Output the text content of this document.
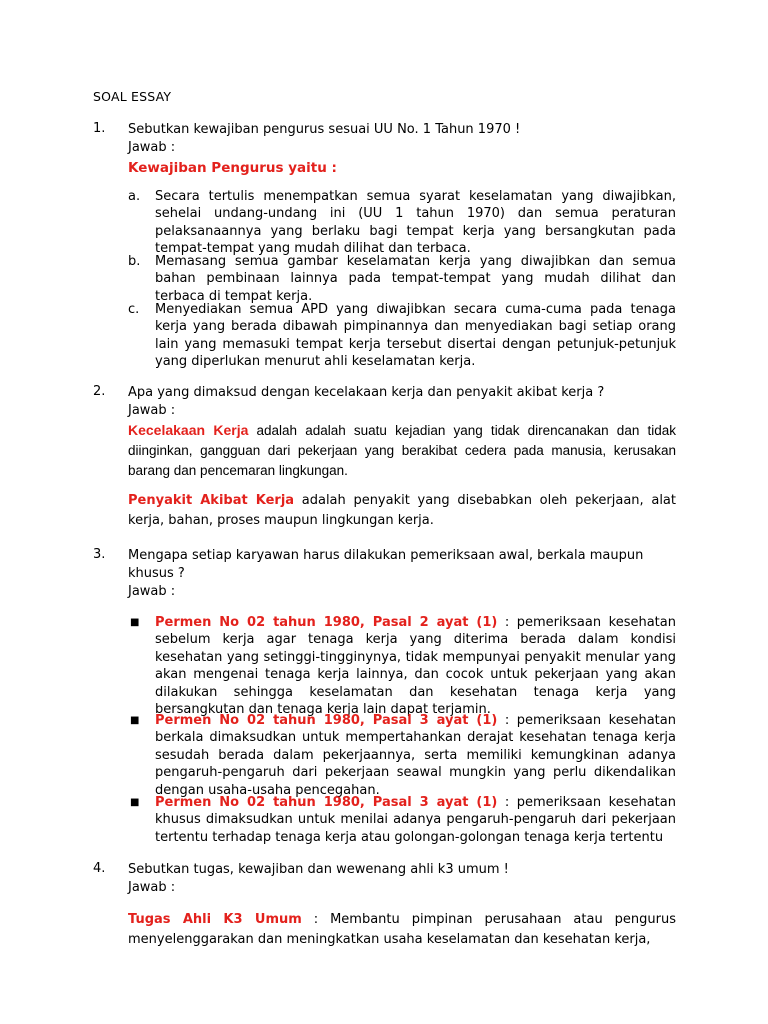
SOAL ESSAY
1.	Sebutkan kewajiban pengurus sesuai UU No. 1 Tahun 1970 !
Jawab :
Kewajiban Pengurus yaitu :
a.	Secara tertulis menempatkan semua syarat keselamatan yang diwajibkan, sehelai undang-undang ini (UU 1 tahun 1970) dan semua peraturan pelaksanaannya yang berlaku bagi tempat kerja yang bersangkutan pada tempat-tempat yang mudah dilihat dan terbaca.
b.	Memasang semua gambar keselamatan kerja yang diwajibkan dan semua bahan pembinaan lainnya pada tempat-tempat yang mudah dilihat dan terbaca di tempat kerja.
c.	Menyediakan semua APD yang diwajibkan secara cuma-cuma pada tenaga kerja yang berada dibawah pimpinannya dan menyediakan bagi setiap orang lain yang memasuki tempat kerja tersebut disertai dengan petunjuk-petunjuk yang diperlukan menurut ahli keselamatan kerja.
2.	Apa yang dimaksud dengan kecelakaan kerja dan penyakit akibat kerja ?
Jawab :
Kecelakaan Kerja adalah adalah suatu kejadian yang tidak direncanakan dan tidak diinginkan, gangguan dari pekerjaan yang berakibat cedera pada manusia, kerusakan barang dan pencemaran lingkungan.
Penyakit Akibat Kerja adalah penyakit yang disebabkan oleh pekerjaan, alat kerja, bahan, proses maupun lingkungan kerja.
3.	Mengapa setiap karyawan harus dilakukan pemeriksaan awal, berkala maupun khusus ?
Jawab :
■	Permen No 02 tahun 1980, Pasal 2 ayat (1) : pemeriksaan kesehatan sebelum kerja agar tenaga kerja yang diterima berada dalam kondisi kesehatan yang setinggi-tingginynya, tidak mempunyai penyakit menular yang akan mengenai tenaga kerja lainnya, dan cocok untuk pekerjaan yang akan dilakukan sehingga keselamatan dan kesehatan tenaga kerja yang bersangkutan dan tenaga kerja lain dapat terjamin.
■	Permen No 02 tahun 1980, Pasal 3 ayat (1) : pemeriksaan kesehatan berkala dimaksudkan untuk mempertahankan derajat kesehatan tenaga kerja sesudah berada dalam pekerjaannya, serta memiliki kemungkinan adanya pengaruh-pengaruh dari pekerjaan seawal mungkin yang perlu dikendalikan dengan usaha-usaha pencegahan.
■	Permen No 02 tahun 1980, Pasal 3 ayat (1) : pemeriksaan kesehatan khusus dimaksudkan untuk menilai adanya pengaruh-pengaruh dari pekerjaan tertentu terhadap tenaga kerja atau golongan-golongan tenaga kerja tertentu
4.	Sebutkan tugas, kewajiban dan wewenang ahli k3 umum !
Jawab :
Tugas Ahli K3 Umum : Membantu pimpinan perusahaan atau pengurus menyelenggarakan dan meningkatkan usaha keselamatan dan kesehatan kerja,
